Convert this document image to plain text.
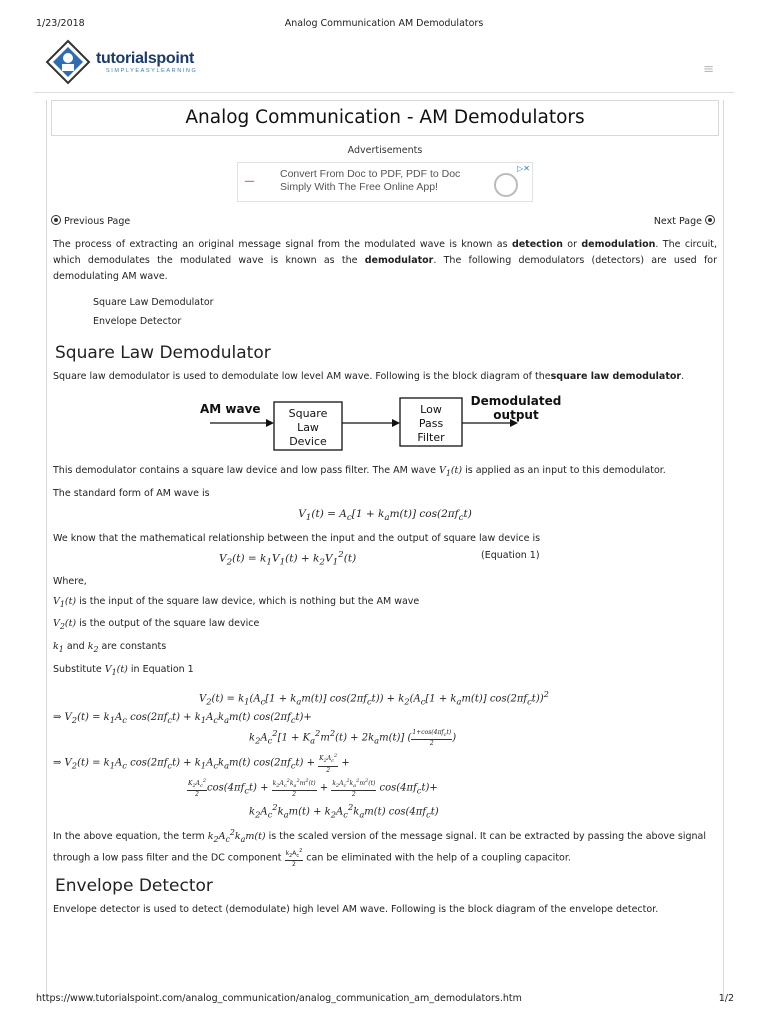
1/23/2018	Analog Communication AM Demodulators
tutorialspoint
SIMPLYEASYLEARNING	≡
Analog Communication - AM Demodulators
Advertisements
━━━
Convert From Doc to PDF, PDF to Doc
Simply With The Free Online App!
▷✕
Previous Page	Next Page

The process of extracting an original message signal from the modulated wave is known as detection or demodulation. The circuit, which demodulates the modulated wave is known as the demodulator. The following demodulators (detectors) are used for demodulating AM wave.

Square Law Demodulator
Envelope Detector
Square Law Demodulator

Square law demodulator is used to demodulate low level AM wave. Following is the block diagram of thesquare law demodulator.

AM wave	Square
Law
Device
Low
Pass
Filter
Demodulated
output

This demodulator contains a square law device and low pass filter. The AM wave $V_1(t)$ is applied as an input to this demodulator.

The standard form of AM wave is

$V_1(t) = A_c[1 + k_am(t)]$ $\cos(2\pi f_ct)$

We know that the mathematical relationship between the input and the output of square law device is

$V_2(t) = k_1V_1(t) + k_2V_1^2(t)$	(Equation 1)

Where,

$V_1(t)$ is the input of the square law device, which is nothing but the AM wave

$V_2(t)$ is the output of the square law device

$k_1$ and $k_2$ are constants

Substitute $V_1(t)$ in Equation 1

$V_2(t) = k_1(A_c[1 + k_am(t)] \cos(2\pi f_ct)) + k_2(A_c[1 + k_am(t)]$ $\cos(2\pi f_ct))^2$
⇒ $V_2(t) = k_1A_c$ $\cos(2\pi f_ct) + k_1A_ck_am(t)$ $\cos(2\pi f_ct)+$
$k_2A_c^2[1 + K_a^2m^2(t) + 2k_am(t)]$ ( $\frac{1+\cos(4\pi f_ct)}{2}$ )
⇒ $V_2(t) = k_1A_c$ $\cos(2\pi f_ct) + k_1A_ck_am(t) \cos(2\pi f_ct) + \frac{K_2A_c^2}{2}$ +
$\frac{K_2A_c^2}{2} \cos(4\pi f_ct) + \frac{k_2A_c^2k_a^2m^2(t)}{2} + \frac{k_2A_c^2k_a^2m^2(t)}{2} \cos(4\pi f_ct)+$
$k_2A_c^2k_am(t) + k_2A_c^2k_am(t)$ $\cos(4\pi f_ct)$

In the above equation, the term $k_2A_c^2k_am(t)$ is the scaled version of the message signal. It can be extracted by passing the above signal through a low pass filter and the DC component $\frac{k_2A_c^2}{2}$ can be eliminated with the help of a coupling capacitor.

Envelope Detector

Envelope detector is used to detect (demodulate) high level AM wave. Following is the block diagram of the envelope detector.

https://www.tutorialspoint.com/analog_communication/analog_communication_am_demodulators.htm	1/2
